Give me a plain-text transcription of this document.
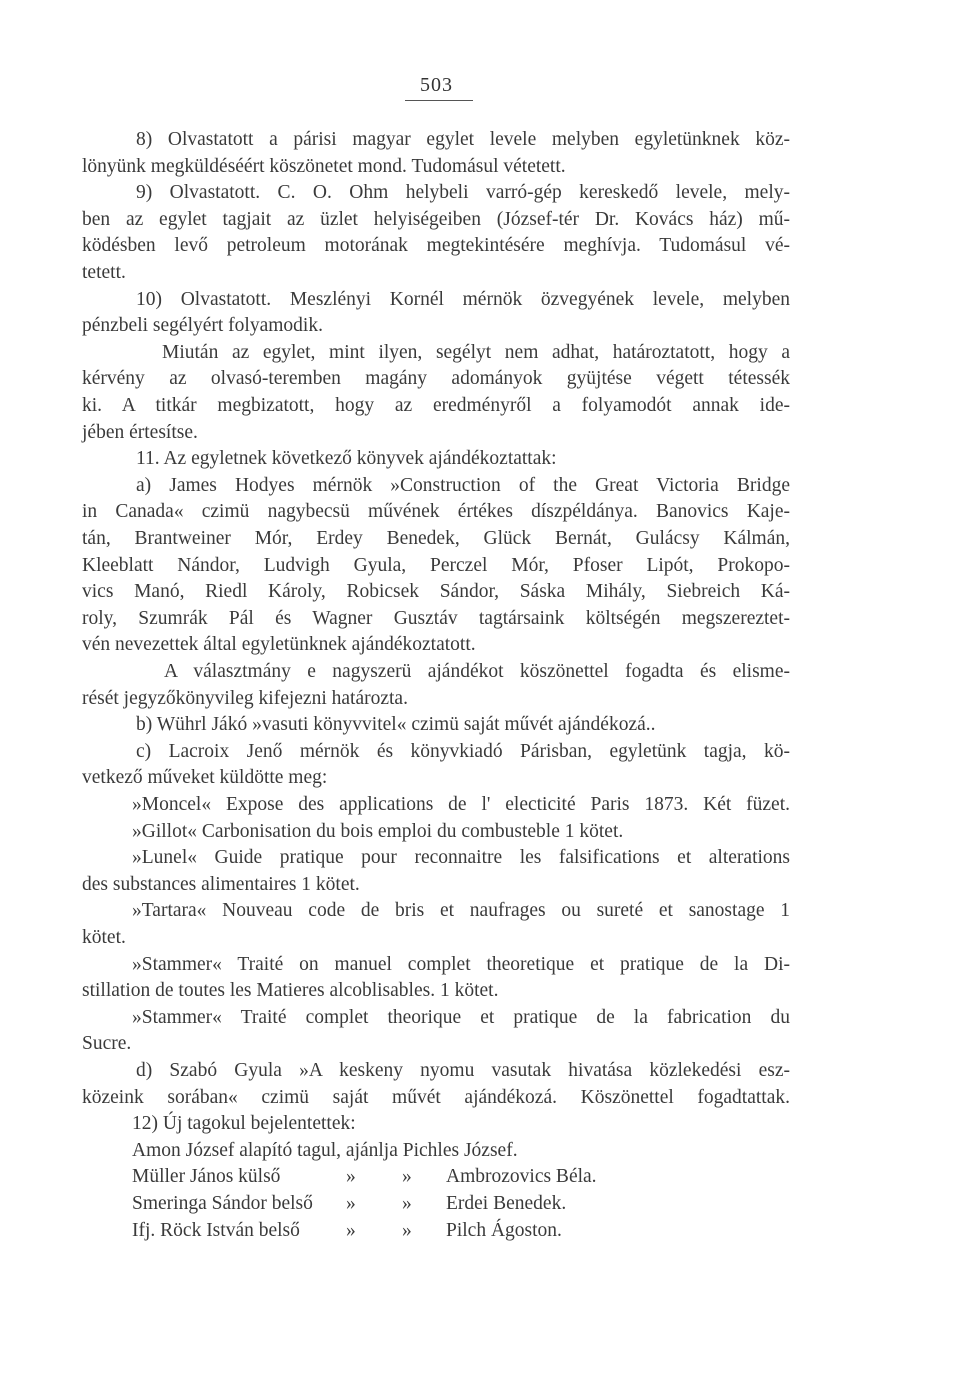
503
8) Olvastatott a párisi magyar egylet levele melyben egyletünknek köz-
lönyünk megküldéséért köszönetet mond. Tudomásul vétetett.
9) Olvastatott. C. O. Ohm helybeli varró-gép kereskedő levele, mely-
ben az egylet tagjait az üzlet helyiségeiben (József-tér Dr. Kovács ház) mű-
ködésben levő petroleum motorának megtekintésére meghívja. Tudomásul vé-
tetett.
10) Olvastatott. Meszlényi Kornél mérnök özvegyének levele, melyben
pénzbeli segélyért folyamodik.
Miután az egylet, mint ilyen, segélyt nem adhat, határoztatott, hogy a
kérvény az olvasó-teremben magány adományok gyüjtése végett tétessék
ki. A titkár megbizatott, hogy az eredményről a folyamodót annak ide-
jében értesítse.
11. Az egyletnek következő könyvek ajándékoztattak:
a) James Hodyes mérnök »Construction of the Great Victoria Bridge
in Canada« czimü nagybecsü művének értékes díszpéldánya. Banovics Kaje-
tán, Brantweiner Mór, Erdey Benedek, Glück Bernát, Gulácsy Kálmán,
Kleeblatt Nándor, Ludvigh Gyula, Perczel Mór, Pfoser Lipót, Prokopo-
vics Manó, Riedl Károly, Robicsek Sándor, Sáska Mihály, Siebreich Ká-
roly, Szumrák Pál és Wagner Gusztáv tagtársaink költségén megszereztet-
vén nevezettek által egyletünknek ajándékoztatott.
A választmány e nagyszerü ajándékot köszönettel fogadta és elisme-
rését jegyzőkönyvileg kifejezni határozta.
b) Wührl Jákó »vasuti könyvvitel« czimü saját művét ajándékozá..
c) Lacroix Jenő mérnök és könyvkiadó Párisban, egyletünk tagja, kö-
vetkező műveket küldötte meg:
»Moncel« Expose des applications de l' electicité Paris 1873. Két füzet.
»Gillot« Carbonisation du bois emploi du combusteble 1 kötet.
»Lunel« Guide pratique pour reconnaitre les falsifications et alterations
des substances alimentaires 1 kötet.
»Tartara« Nouveau code de bris et naufrages ou sureté et sanostage 1
kötet.
»Stammer« Traité on manuel complet theoretique et pratique de la Di-
stillation de toutes les Matieres alcoblisables. 1 kötet.
»Stammer« Traité complet theorique et pratique de la fabrication du
Sucre.
d) Szabó Gyula »A keskeny nyomu vasutak hivatása közlekedési esz-
közeink sorában« czimü saját művét ajándékozá. Köszönettel fogadtattak.
12) Új tagokul bejelentettek:
Amon József alapító tagul, ajánlja Pichles József.
Müller János külső	» » Ambrozovics Béla.
Smeringa Sándor belső » » Erdei Benedek.
Ifj. Röck István belső » » Pilch Ágoston.
